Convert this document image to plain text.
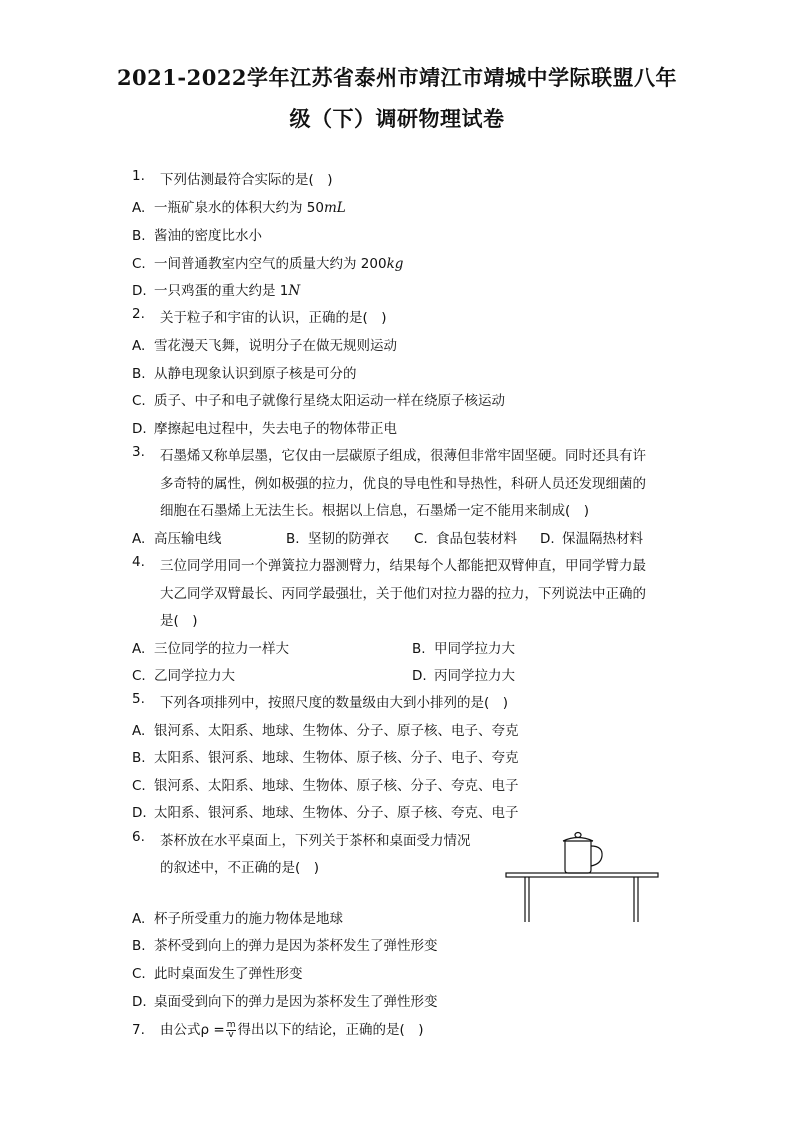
2021-2022学年江苏省泰州市靖江市靖城中学际联盟八年
级（下）调研物理试卷
1. 下列估测最符合实际的是(　)
A. 一瓶矿泉水的体积大约为 50mL
B. 酱油的密度比水小
C. 一间普通教室内空气的质量大约为 200kg
D. 一只鸡蛋的重大约是 1N
2. 关于粒子和宇宙的认识，正确的是(　)
A. 雪花漫天飞舞，说明分子在做无规则运动
B. 从静电现象认识到原子核是可分的
C. 质子、中子和电子就像行星绕太阳运动一样在绕原子核运动
D. 摩擦起电过程中，失去电子的物体带正电
3. 石墨烯又称单层墨，它仅由一层碳原子组成，很薄但非常牢固坚硬。同时还具有许
多奇特的属性，例如极强的拉力，优良的导电性和导热性，科研人员还发现细菌的
细胞在石墨烯上无法生长。根据以上信息，石墨烯一定不能用来制成(　)
A. 高压输电线	B. 坚韧的防弹衣 C. 食品包装材料 D. 保温隔热材料
4. 三位同学用同一个弹簧拉力器测臂力，结果每个人都能把双臂伸直，甲同学臂力最
大乙同学双臂最长、丙同学最强壮，关于他们对拉力器的拉力，下列说法中正确的
是(　)
A. 三位同学的拉力一样大	B. 甲同学拉力大
C. 乙同学拉力大	D. 丙同学拉力大
5. 下列各项排列中，按照尺度的数量级由大到小排列的是(　)
A. 银河系、太阳系、地球、生物体、分子、原子核、电子、夸克
B. 太阳系、银河系、地球、生物体、原子核、分子、电子、夸克
C. 银河系、太阳系、地球、生物体、原子核、分子、夸克、电子
D. 太阳系、银河系、地球、生物体、分子、原子核、夸克、电子
6. 茶杯放在水平桌面上，下列关于茶杯和桌面受力情况
的叙述中，不正确的是(　)
A. 杯子所受重力的施力物体是地球
B. 茶杯受到向上的弹力是因为茶杯发生了弹性形变
C. 此时桌面发生了弹性形变
D. 桌面受到向下的弹力是因为茶杯发生了弹性形变
7. 由公式$\rho = \frac{m}{v}$ 得出以下的结论，正确的是(　)
